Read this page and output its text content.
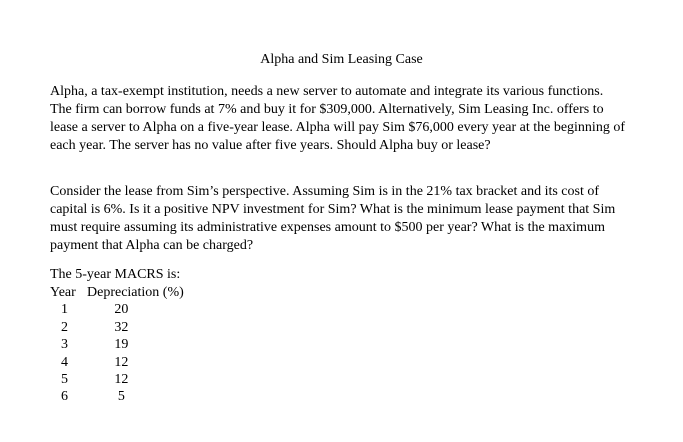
Alpha and Sim Leasing Case

Alpha, a tax-exempt institution, needs a new server to automate and integrate its various functions. The firm can borrow funds at 7% and buy it for $309,000. Alternatively, Sim Leasing Inc. offers to lease a server to Alpha on a five-year lease. Alpha will pay Sim $76,000 every year at the beginning of each year. The server has no value after five years. Should Alpha buy or lease?

Consider the lease from Sim’s perspective. Assuming Sim is in the 21% tax bracket and its cost of capital is 6%. Is it a positive NPV investment for Sim? What is the minimum lease payment that Sim must require assuming its administrative expenses amount to $500 per year? What is the maximum payment that Alpha can be charged?

The 5-year MACRS is:
Year	Depreciation (%)
1	20
2	32
3	19
4	12
5	12
6	5
